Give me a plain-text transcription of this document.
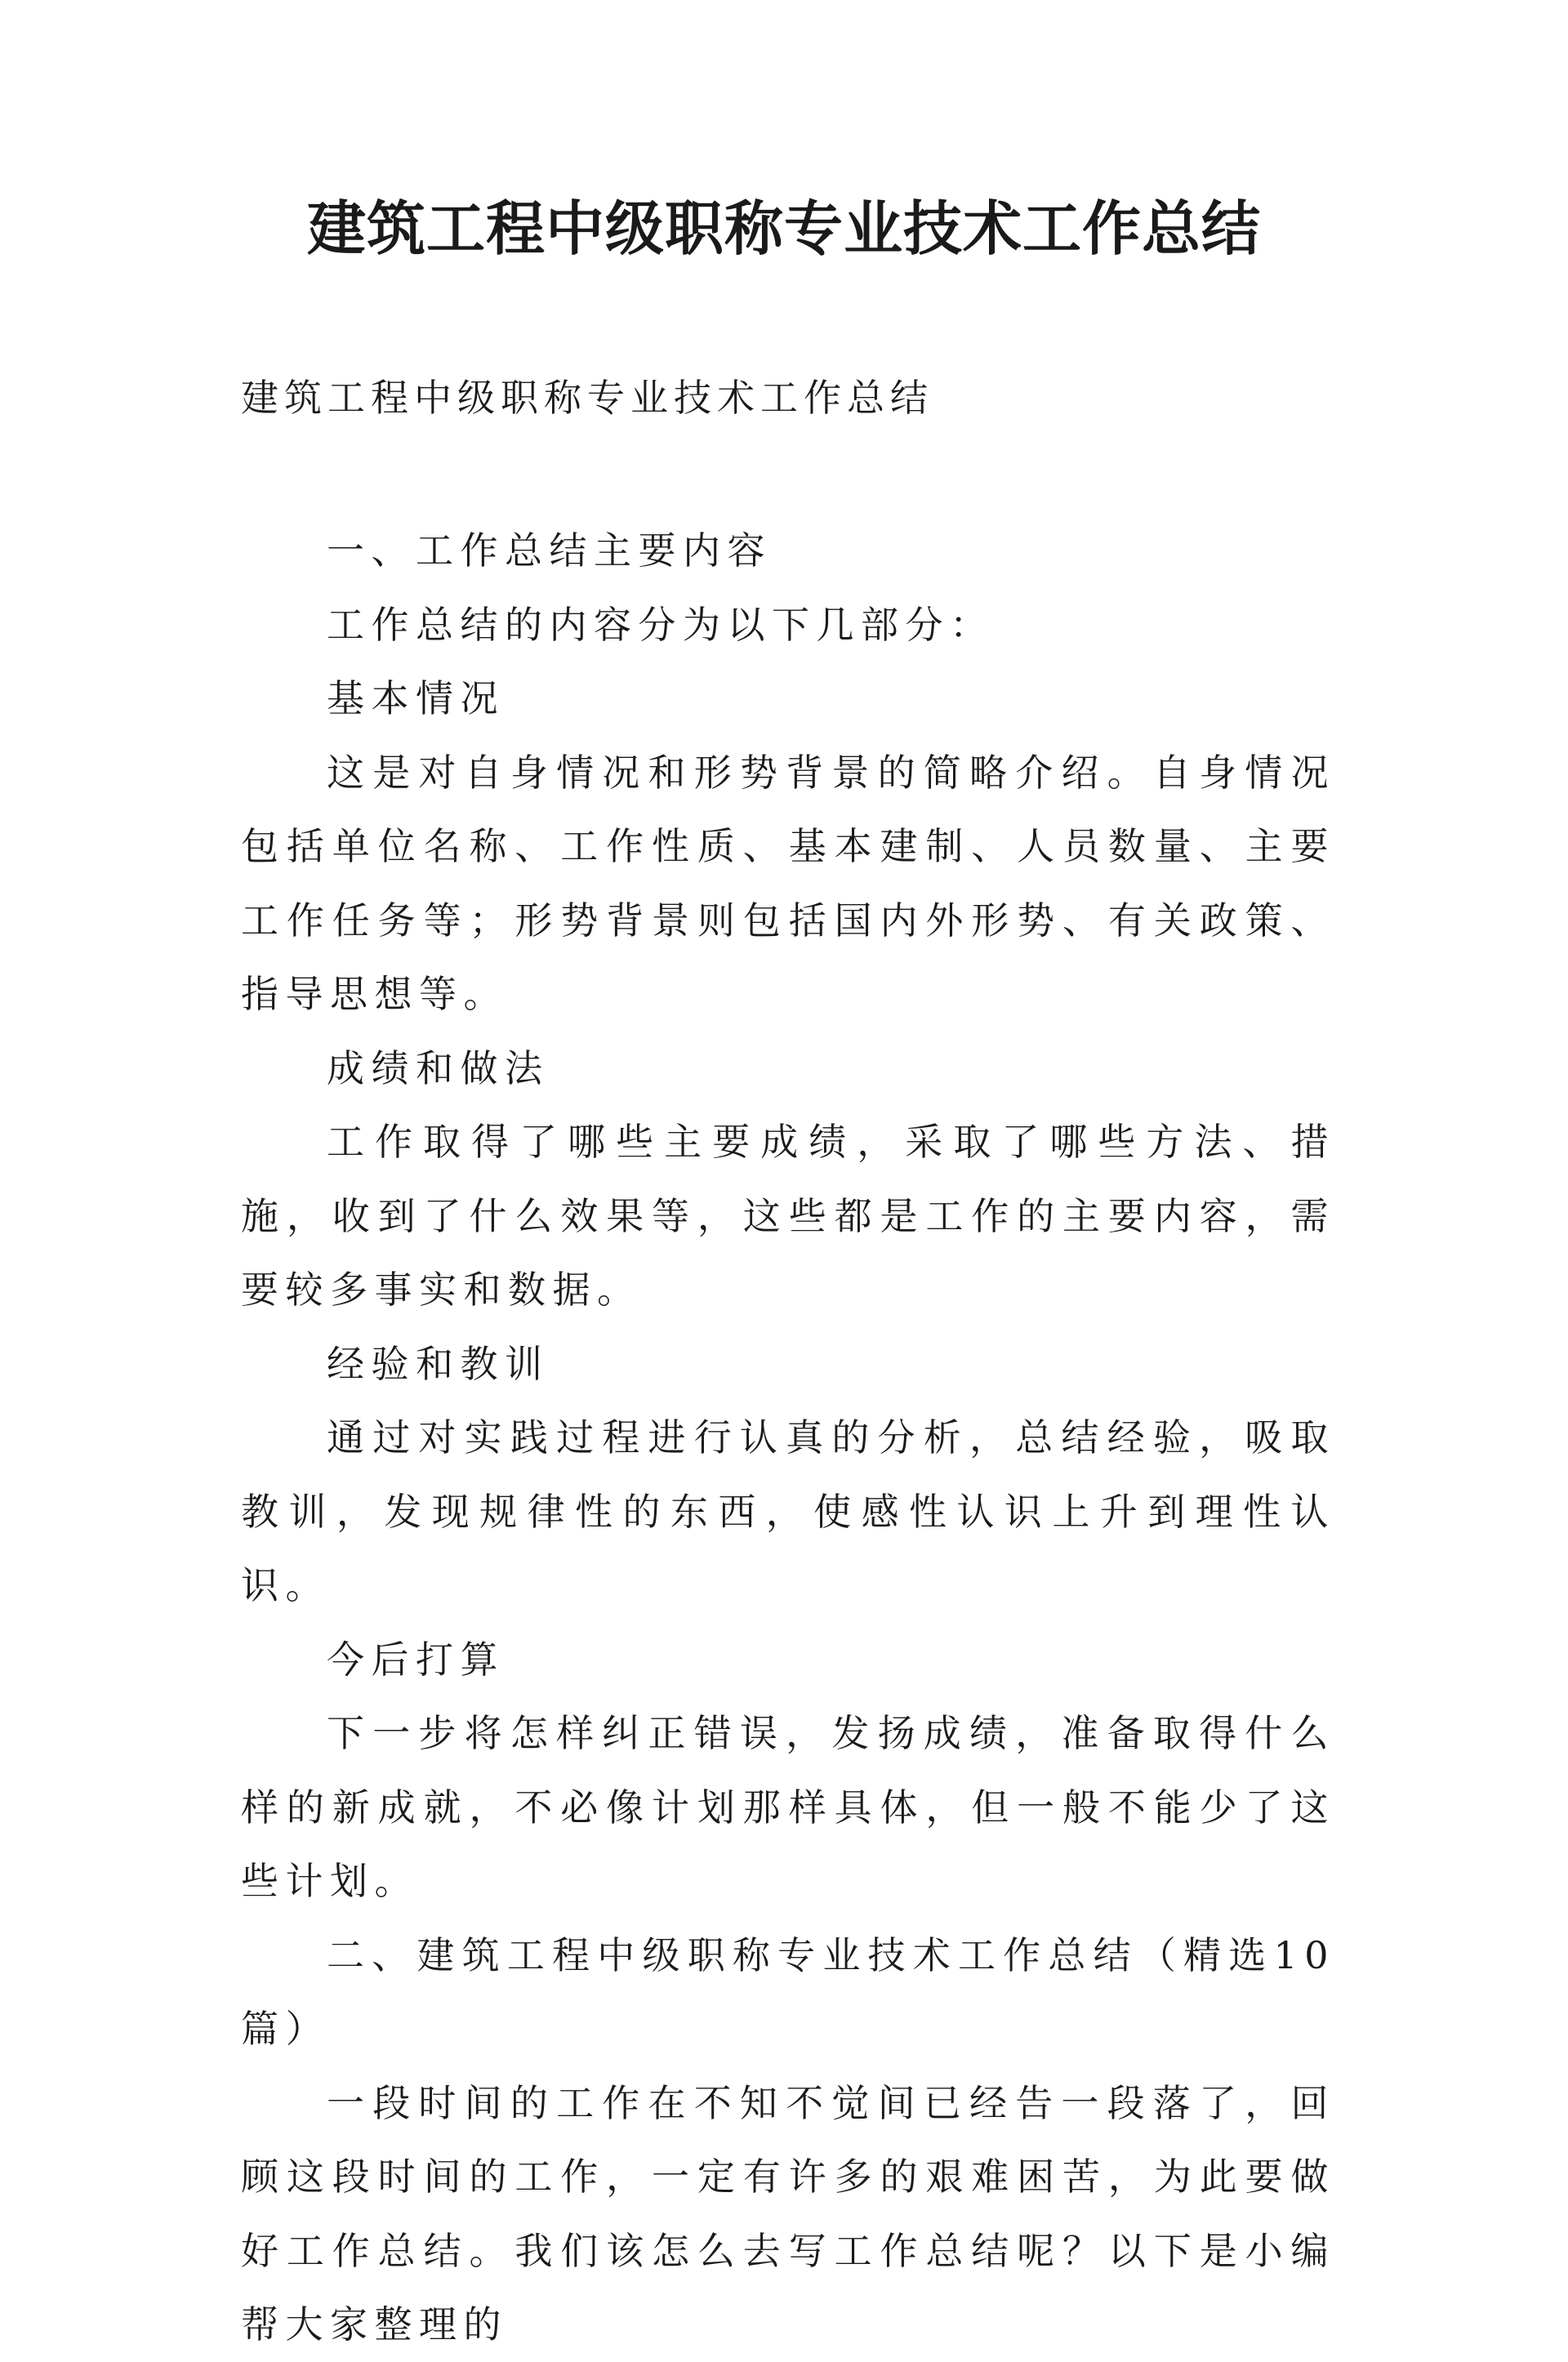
建筑工程中级职称专业技术工作总结
建筑工程中级职称专业技术工作总结

一、工作总结主要内容

工作总结的内容分为以下几部分：

基本情况

这是对自身情况和形势背景的简略介绍。自身情况包括单位名称、工作性质、基本建制、人员数量、主要工作任务等；形势背景则包括国内外形势、有关政策、指导思想等。

成绩和做法

工作取得了哪些主要成绩，采取了哪些方法、措施，收到了什么效果等，这些都是工作的主要内容，需要较多事实和数据。

经验和教训

通过对实践过程进行认真的分析，总结经验，吸取教训，发现规律性的东西，使感性认识上升到理性认识。

今后打算

下一步将怎样纠正错误，发扬成绩，准备取得什么样的新成就，不必像计划那样具体，但一般不能少了这些计划。

二、建筑工程中级职称专业技术工作总结（精选10篇）

一段时间的工作在不知不觉间已经告一段落了，回顾这段时间的工作，一定有许多的艰难困苦，为此要做好工作总结。我们该怎么去写工作总结呢？以下是小编帮大家整理的
